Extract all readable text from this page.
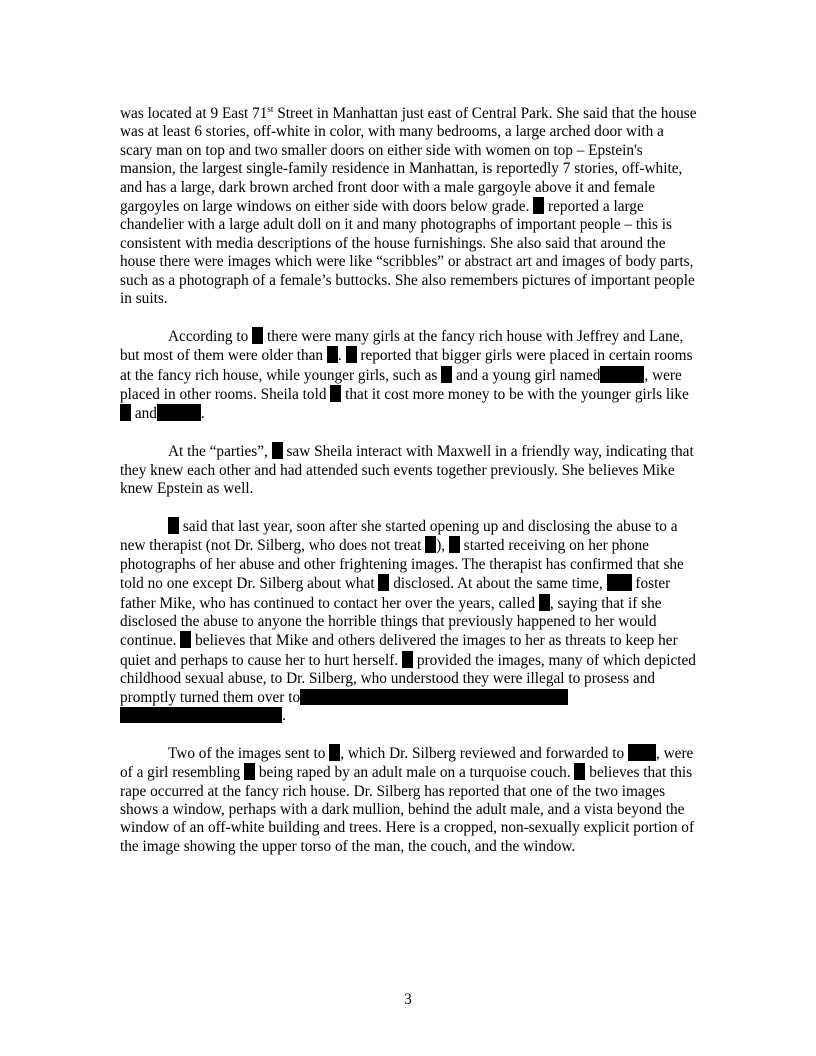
was located at 9 East 71st Street in Manhattan just east of Central Park. She said that the house was at least 6 stories, off-white in color, with many bedrooms, a large arched door with a scary man on top and two smaller doors on either side with women on top – Epstein's mansion, the largest single-family residence in Manhattan, is reportedly 7 stories, off-white, and has a large, dark brown arched front door with a male gargoyle above it and female gargoyles on large windows on either side with doors below grade.  reported a large chandelier with a large adult doll on it and many photographs of important people – this is consistent with media descriptions of the house furnishings. She also said that around the house there were images which were like “scribbles” or abstract art and images of body parts, such as a photograph of a female’s buttocks. She also remembers pictures of important people in suits.

According to  there were many girls at the fancy rich house with Jeffrey and Lane, but most of them were older than .  reported that bigger girls were placed in certain rooms at the fancy rich house, while younger girls, such as  and a young girl named	, were placed in other rooms. Sheila told  that it cost more money to be with the younger girls like  and	.

At the “parties”,  saw Sheila interact with Maxwell in a friendly way, indicating that they knew each other and had attended such events together previously. She believes Mike knew Epstein as well.

said that last year, soon after she started opening up and disclosing the abuse to a new therapist (not Dr. Silberg, who does not treat ),  started receiving on her phone photographs of her abuse and other frightening images. The therapist has confirmed that she told no one except Dr. Silberg about what  disclosed. At about the same time,  foster father Mike, who has continued to contact her over the years, called , saying that if she disclosed the abuse to anyone the horrible things that previously happened to her would continue.  believes that Mike and others delivered the images to her as threats to keep her quiet and perhaps to cause her to hurt herself.  provided the images, many of which depicted childhood sexual abuse, to Dr. Silberg, who understood they were illegal to prosess and promptly turned them over to
.

Two of the images sent to , which Dr. Silberg reviewed and forwarded to , were of a girl resembling  being raped by an adult male on a turquoise couch.  believes that this rape occurred at the fancy rich house. Dr. Silberg has reported that one of the two images shows a window, perhaps with a dark mullion, behind the adult male, and a vista beyond the window of an off-white building and trees. Here is a cropped, non-sexually explicit portion of the image showing the upper torso of the man, the couch, and the window.

3
